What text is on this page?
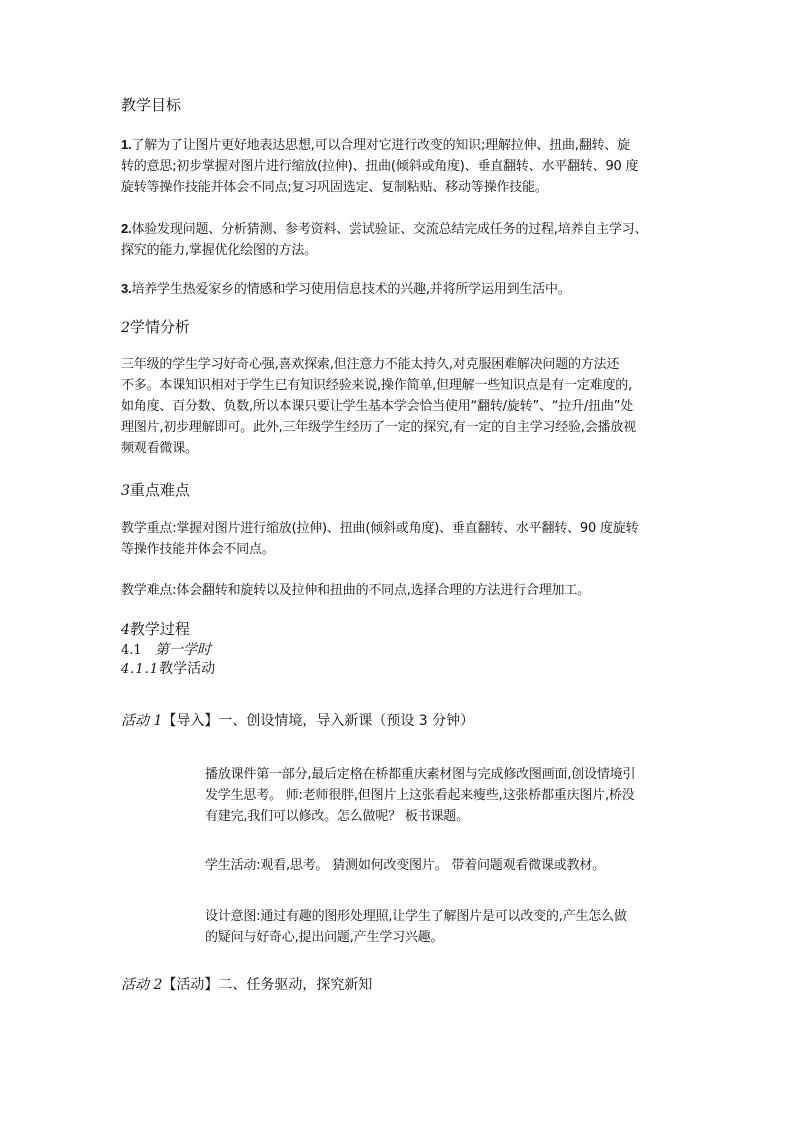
教学目标
1.了解为了让图片更好地表达思想,可以合理对它进行改变的知识;理解拉伸、扭曲,翻转、旋
转的意思;初步掌握对图片进行缩放(拉伸)、扭曲(倾斜或角度)、垂直翻转、水平翻转、90 度
旋转等操作技能并体会不同点;复习巩固选定、复制粘贴、移动等操作技能。
2.体验发现问题、分析猜测、参考资料、尝试验证、交流总结完成任务的过程,培养自主学习、
探究的能力,掌握优化绘图的方法。
3.培养学生热爱家乡的情感和学习使用信息技术的兴趣,并将所学运用到生活中。
2学情分析
三年级的学生学习好奇心强,喜欢探索,但注意力不能太持久,对克服困难解决问题的方法还
不多。本课知识相对于学生已有知识经验来说,操作简单,但理解一些知识点是有一定难度的,
如角度、百分数、负数,所以本课只要让学生基本学会恰当使用“翻转/旋转”、“拉升/扭曲”处
理图片,初步理解即可。此外,三年级学生经历了一定的探究,有一定的自主学习经验,会播放视
频观看微课。
3重点难点
教学重点:掌握对图片进行缩放(拉伸)、扭曲(倾斜或角度)、垂直翻转、水平翻转、90 度旋转
等操作技能并体会不同点。
教学难点:体会翻转和旋转以及拉伸和扭曲的不同点,选择合理的方法进行合理加工。
4教学过程
4.1 第一学时
4.1.1教学活动
活动 1【导入】一、创设情境，导入新课（预设 3 分钟）
播放课件第一部分,最后定格在桥都重庆素材图与完成修改图画面,创设情境引
发学生思考。 师:老师很胖,但图片上这张看起来瘦些,这张桥都重庆图片,桥没
有建完,我们可以修改。怎么做呢？ 板书课题。
学生活动:观看,思考。 猜测如何改变图片。 带着问题观看微课或教材。
设计意图:通过有趣的图形处理照,让学生了解图片是可以改变的,产生怎么做
的疑问与好奇心,提出问题,产生学习兴趣。
活动 2【活动】二、任务驱动，探究新知
